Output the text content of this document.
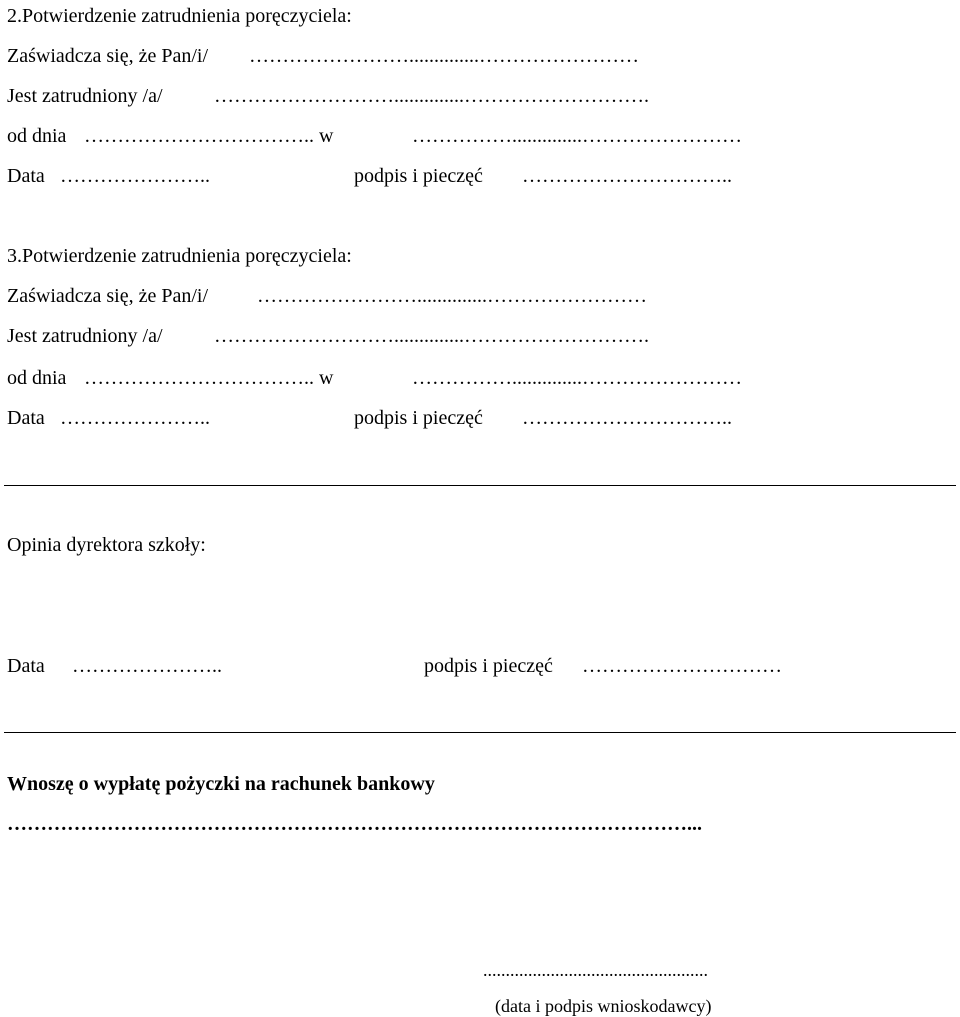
2.Potwierdzenie zatrudnienia poręczyciela:
Zaświadcza się, że Pan/i/ ……………………..............……………………
Jest zatrudniony /a/	………………………..............……………………….
od dnia …………………………….. w	……………..............……………………
Data …………………..	podpis i pieczęć …………………………..
3.Potwierdzenie zatrudnienia poręczyciela:
Zaświadcza się, że Pan/i/ ……………………..............……………………
Jest zatrudniony /a/	………………………..............……………………….
od dnia …………………………….. w	……………..............……………………
Data …………………..	podpis i pieczęć …………………………..
Opinia dyrektora szkoły:
Data …………………..	podpis i pieczęć …………………………
Wnoszę o wypłatę pożyczki na rachunek bankowy
…………………………………………………………………………………………...
..................................................
(data i podpis wnioskodawcy)
